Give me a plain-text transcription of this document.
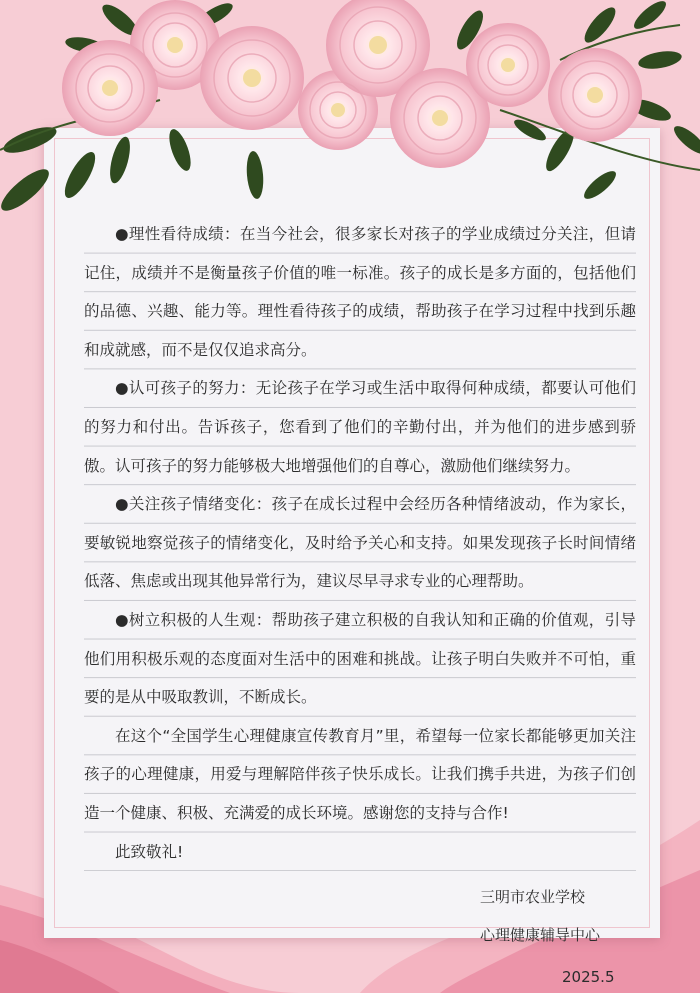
●理性看待成绩：在当今社会，很多家长对孩子的学业成绩过分关注，但请记住，成绩并不是衡量孩子价值的唯一标准。孩子的成长是多方面的，包括他们的品德、兴趣、能力等。理性看待孩子的成绩，帮助孩子在学习过程中找到乐趣和成就感，而不是仅仅追求高分。

●认可孩子的努力：无论孩子在学习或生活中取得何种成绩，都要认可他们的努力和付出。告诉孩子，您看到了他们的辛勤付出，并为他们的进步感到骄傲。认可孩子的努力能够极大地增强他们的自尊心，激励他们继续努力。

●关注孩子情绪变化：孩子在成长过程中会经历各种情绪波动，作为家长，要敏锐地察觉孩子的情绪变化，及时给予关心和支持。如果发现孩子长时间情绪低落、焦虑或出现其他异常行为，建议尽早寻求专业的心理帮助。

●树立积极的人生观：帮助孩子建立积极的自我认知和正确的价值观，引导他们用积极乐观的态度面对生活中的困难和挑战。让孩子明白失败并不可怕，重要的是从中吸取教训，不断成长。

在这个“全国学生心理健康宣传教育月”里，希望每一位家长都能够更加关注孩子的心理健康，用爱与理解陪伴孩子快乐成长。让我们携手共进，为孩子们创造一个健康、积极、充满爱的成长环境。感谢您的支持与合作!

此致敬礼!

三明市农业学校
心理健康辅导中心
2025.5
